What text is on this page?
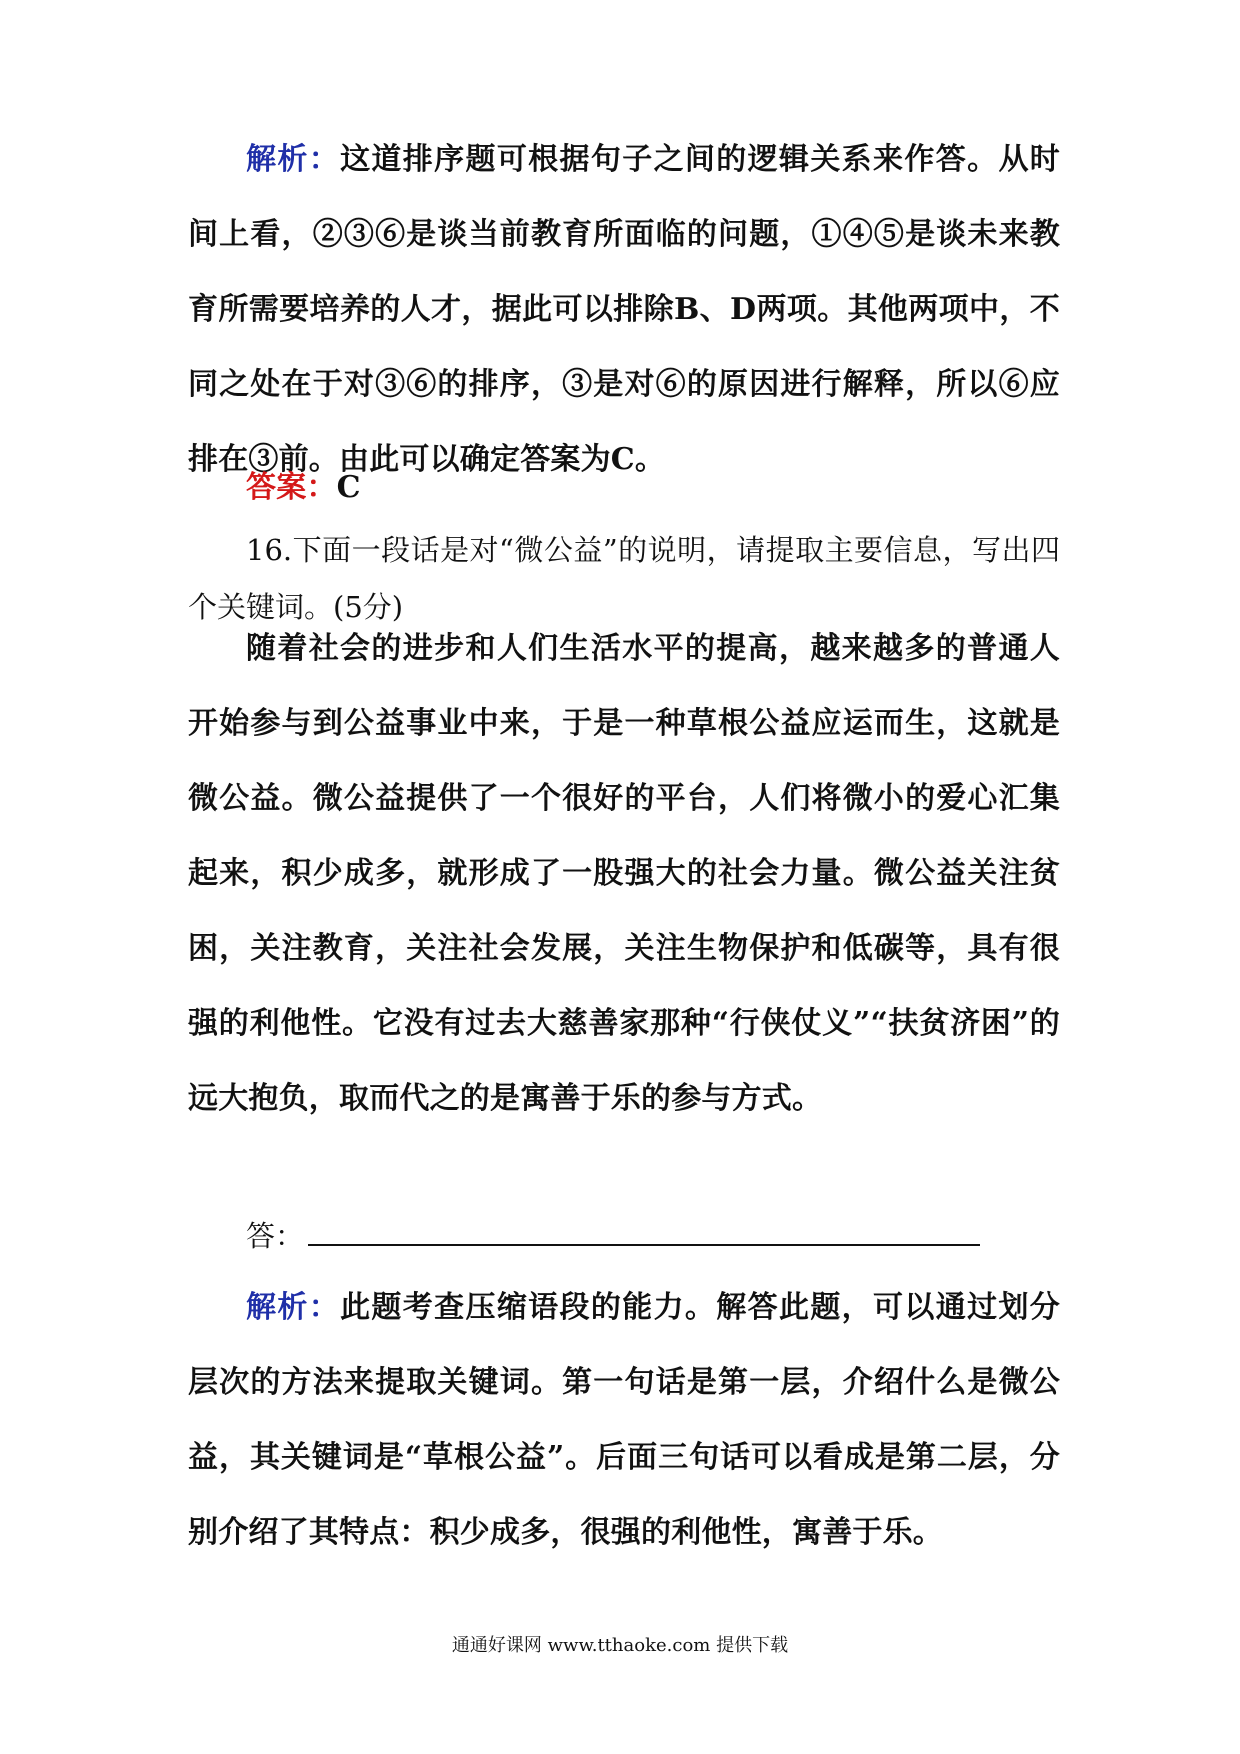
解析：这道排序题可根据句子之间的逻辑关系来作答。从时间上看，②③⑥是谈当前教育所面临的问题，①④⑤是谈未来教育所需要培养的人才，据此可以排除B、D两项。其他两项中，不同之处在于对③⑥的排序，③是对⑥的原因进行解释，所以⑥应排在③前。由此可以确定答案为C。

答案：C

16.下面一段话是对“微公益”的说明，请提取主要信息，写出四个关键词。(5分)

随着社会的进步和人们生活水平的提高，越来越多的普通人开始参与到公益事业中来，于是一种草根公益应运而生，这就是微公益。微公益提供了一个很好的平台，人们将微小的爱心汇集起来，积少成多，就形成了一股强大的社会力量。微公益关注贫困，关注教育，关注社会发展，关注生物保护和低碳等，具有很强的利他性。它没有过去大慈善家那种“行侠仗义”“扶贫济困”的远大抱负，取而代之的是寓善于乐的参与方式。

答：

解析：此题考查压缩语段的能力。解答此题，可以通过划分层次的方法来提取关键词。第一句话是第一层，介绍什么是微公益，其关键词是“草根公益”。后面三句话可以看成是第二层，分别介绍了其特点：积少成多，很强的利他性，寓善于乐。

通通好课网 www.tthaoke.com 提供下载
